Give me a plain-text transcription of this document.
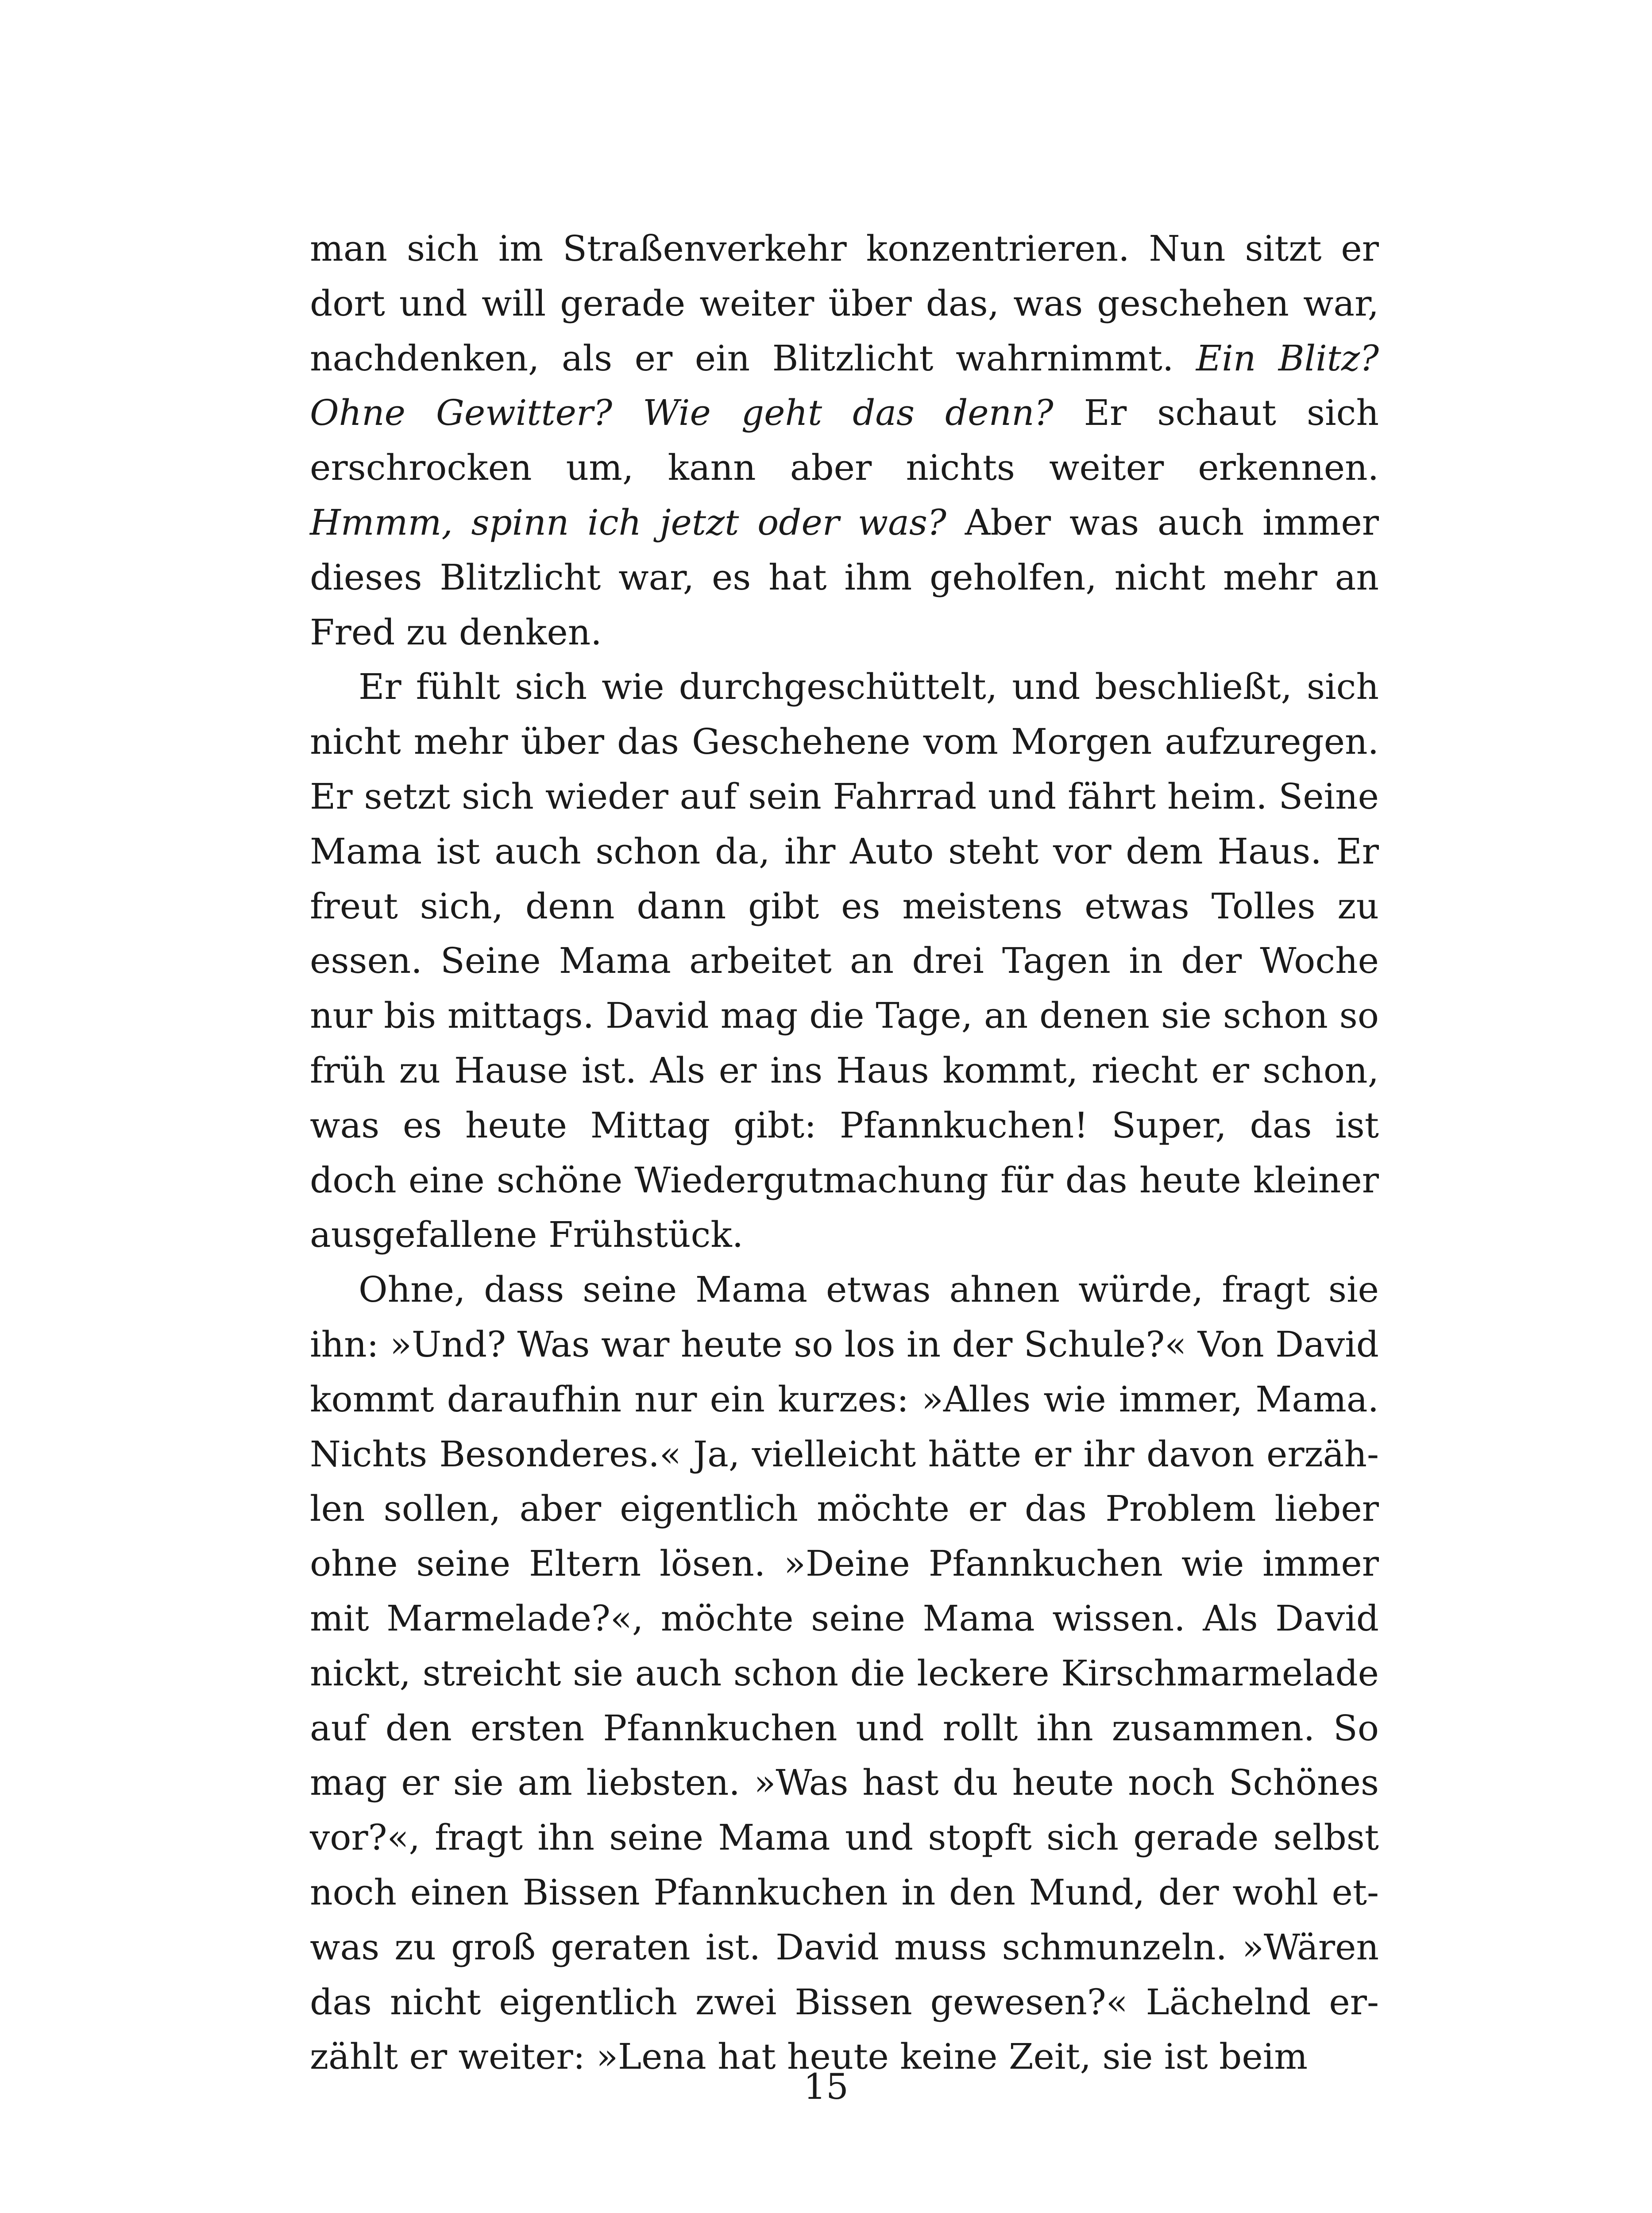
man sich im Straßenverkehr konzentrieren. Nun sitzt er dort und will gerade weiter über das, was geschehen war, nachdenken, als er ein Blitzlicht wahrnimmt. Ein Blitz? Ohne Gewitter? Wie geht das denn? Er schaut sich erschrocken um, kann aber nichts weiter erkennen. Hmmm, spinn ich jetzt oder was? Aber was auch immer dieses Blitzlicht war, es hat ihm geholfen, nicht mehr an Fred zu denken.

Er fühlt sich wie durchgeschüttelt, und beschließt, sich nicht mehr über das Geschehene vom Morgen aufzuregen. Er setzt sich wieder auf sein Fahrrad und fährt heim. Seine Mama ist auch schon da, ihr Auto steht vor dem Haus. Er freut sich, denn dann gibt es meistens etwas Tolles zu essen. Seine Mama arbeitet an drei Tagen in der Woche nur bis mittags. David mag die Tage, an denen sie schon so früh zu Hause ist. Als er ins Haus kommt, riecht er schon, was es heute Mittag gibt: Pfannkuchen! Super, das ist doch eine schöne Wiedergutmachung für das heute kleiner ausgefallene Frühstück.

Ohne, dass seine Mama etwas ahnen würde, fragt sie ihn: »Und? Was war heute so los in der Schule?« Von David kommt daraufhin nur ein kurzes: »Alles wie immer, Mama. Nichts Besonderes.« Ja, vielleicht hätte er ihr davon erzählen sollen, aber eigentlich möchte er das Problem lieber ohne seine Eltern lösen. »Deine Pfannkuchen wie immer mit Marmelade?«, möchte seine Mama wissen. Als David nickt, streicht sie auch schon die leckere Kirschmarmelade auf den ersten Pfannkuchen und rollt ihn zusammen. So mag er sie am liebsten. »Was hast du heute noch Schönes vor?«, fragt ihn seine Mama und stopft sich gerade selbst noch einen Bissen Pfannkuchen in den Mund, der wohl etwas zu groß geraten ist. David muss schmunzeln. »Wären das nicht eigentlich zwei Bissen gewesen?« Lächelnd erzählt er weiter: »Lena hat heute keine Zeit, sie ist beim

15
